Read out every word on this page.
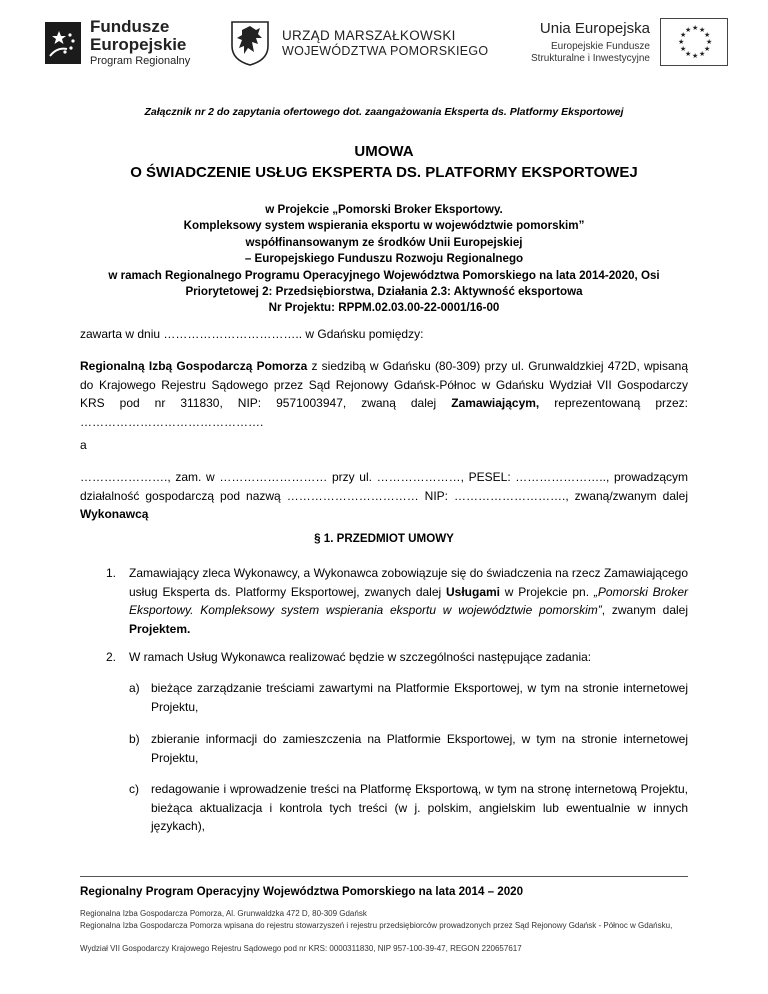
Fundusze
Europejskie
Program Regionalny
URZĄD MARSZAŁKOWSKI
WOJEWÓDZTWA POMORSKIEGO
Unia Europejska
Europejskie Fundusze
Strukturalne i Inwestycyjne
★ ★
★
★
★
★
★
★
★
★
★
★
Załącznik nr 2 do zapytania ofertowego dot. zaangażowania Eksperta ds. Platformy Eksportowej
UMOWA
O ŚWIADCZENIE USŁUG EKSPERTA DS. PLATFORMY EKSPORTOWEJ
w Projekcie „Pomorski Broker Eksportowy.
Kompleksowy system wspierania eksportu w województwie pomorskim”
współfinansowanym ze środków Unii Europejskiej
– Europejskiego Funduszu Rozwoju Regionalnego
w ramach Regionalnego Programu Operacyjnego Województwa Pomorskiego na lata 2014-2020, Osi
Priorytetowej 2: Przedsiębiorstwa, Działania 2.3: Aktywność eksportowa
Nr Projektu: RPPM.02.03.00-22-0001/16-00
zawarta w dniu …………………………….. w Gdańsku pomiędzy:
Regionalną Izbą Gospodarczą Pomorza z siedzibą w Gdańsku (80-309) przy ul. Grunwaldzkiej 472D, wpisaną do Krajowego Rejestru Sądowego przez Sąd Rejonowy Gdańsk-Północ w Gdańsku Wydział VII Gospodarczy KRS pod nr 311830, NIP: 9571003947, zwaną dalej Zamawiającym, reprezentowaną przez: ……………………………………….
a
…………………., zam. w ……………………… przy ul. …………………, PESEL: ………………….., prowadzącym działalność gospodarczą pod nazwą …………………………… NIP: ………………………., zwaną/zwanym dalej Wykonawcą
§ 1. PRZEDMIOT UMOWY
1. Zamawiający zleca Wykonawcy, a Wykonawca zobowiązuje się do świadczenia na rzecz Zamawiającego usług Eksperta ds. Platformy Eksportowej, zwanych dalej Usługami w Projekcie pn. „Pomorski Broker Eksportowy. Kompleksowy system wspierania eksportu w województwie pomorskim”, zwanym dalej Projektem.
2. W ramach Usług Wykonawca realizować będzie w szczególności następujące zadania:
a) bieżące zarządzanie treściami zawartymi na Platformie Eksportowej, w tym na stronie internetowej Projektu,
b) zbieranie informacji do zamieszczenia na Platformie Eksportowej, w tym na stronie internetowej Projektu,
c) redagowanie i wprowadzenie treści na Platformę Eksportową, w tym na stronę internetową Projektu, bieżąca aktualizacja i kontrola tych treści (w j. polskim, angielskim lub ewentualnie w innych językach),
Regionalny Program Operacyjny Województwa Pomorskiego na lata 2014 – 2020
Regionalna Izba Gospodarcza Pomorza, Al. Grunwaldzka 472 D, 80-309 Gdańsk
Regionalna Izba Gospodarcza Pomorza wpisana do rejestru stowarzyszeń i rejestru przedsiębiorców prowadzonych przez Sąd Rejonowy Gdańsk - Północ w Gdańsku,
Wydział VII Gospodarczy Krajowego Rejestru Sądowego pod nr KRS: 0000311830, NIP 957-100-39-47, REGON 220657617
